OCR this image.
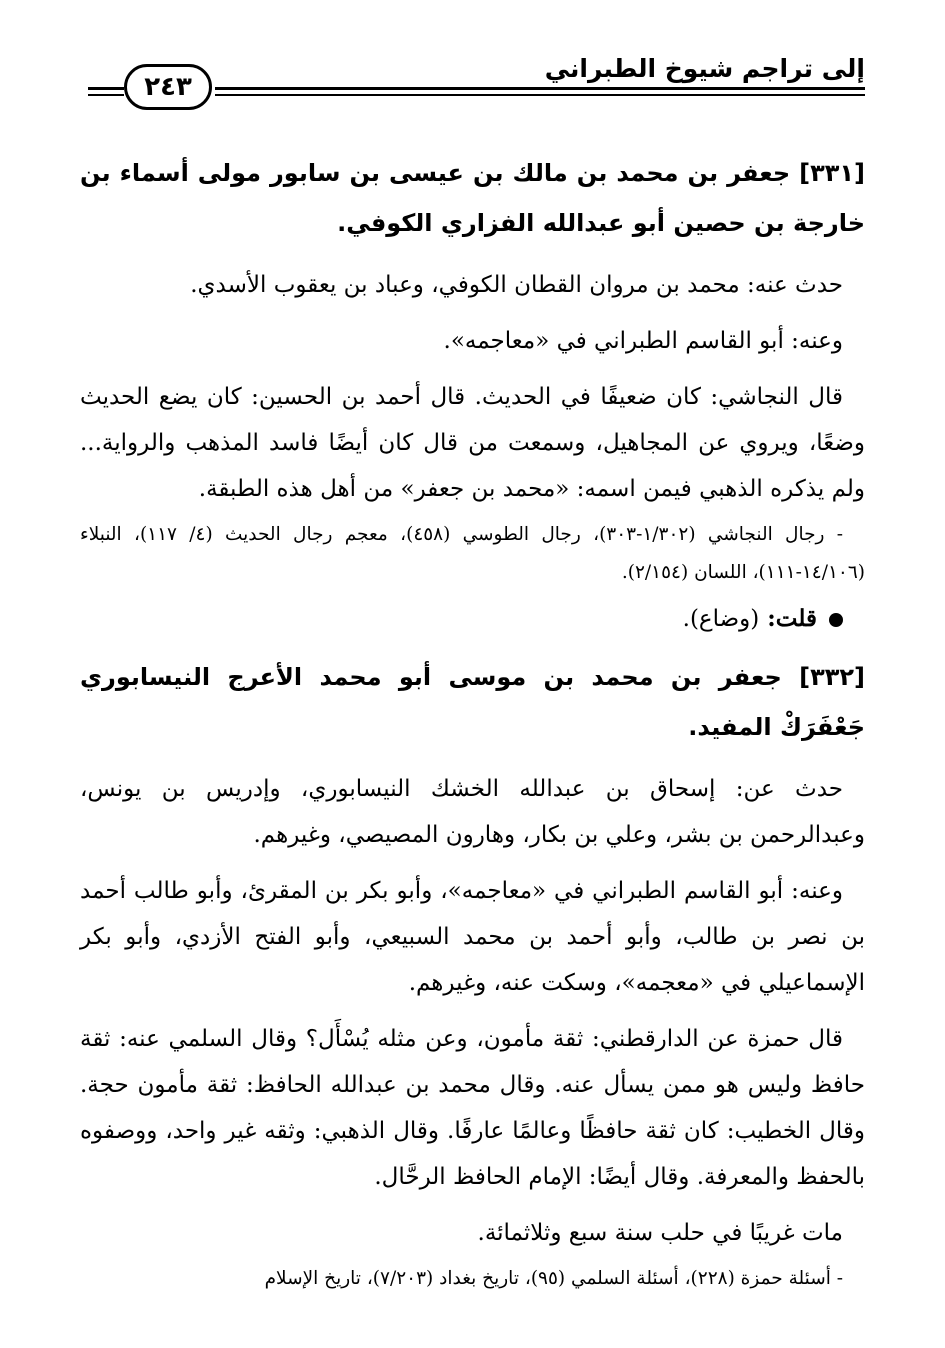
إلى تراجم شيوخ الطبراني
٢٤٣

[٣٣١] جعفر بن محمد بن مالك بن عيسى بن سابور مولى أسماء بن خارجة بن حصين أبو عبدالله الفزاري الكوفي.

حدث عنه: محمد بن مروان القطان الكوفي، وعباد بن يعقوب الأسدي.

وعنه: أبو القاسم الطبراني في «معاجمه».

قال النجاشي: كان ضعيفًا في الحديث. قال أحمد بن الحسين: كان يضع الحديث وضعًا، ويروي عن المجاهيل، وسمعت من قال كان أيضًا فاسد المذهب والرواية... ولم يذكره الذهبي فيمن اسمه: «محمد بن جعفر» من أهل هذه الطبقة.

- رجال النجاشي (١/٣٠٢-٣٠٣)، رجال الطوسي (٤٥٨)، معجم رجال الحديث (٤/ ١١٧)، النبلاء (١٤/١٠٦-١١١)، اللسان (٢/١٥٤).

قلت: (وضاع).

[٣٣٢] جعفر بن محمد بن موسى أبو محمد الأعرج النيسابوري جَعْفَرَكْ المفيد.

حدث عن: إسحاق بن عبدالله الخشك النيسابوري، وإدريس بن يونس، وعبدالرحمن بن بشر، وعلي بن بكار، وهارون المصيصي، وغيرهم.

وعنه: أبو القاسم الطبراني في «معاجمه»، وأبو بكر بن المقرئ، وأبو طالب أحمد بن نصر بن طالب، وأبو أحمد بن محمد السبيعي، وأبو الفتح الأزدي، وأبو بكر الإسماعيلي في «معجمه»، وسكت عنه، وغيرهم.

قال حمزة عن الدارقطني: ثقة مأمون، وعن مثله يُسْأَل؟ وقال السلمي عنه: ثقة حافظ وليس هو ممن يسأل عنه. وقال محمد بن عبدالله الحافظ: ثقة مأمون حجة. وقال الخطيب: كان ثقة حافظًا وعالمًا عارفًا. وقال الذهبي: وثقه غير واحد، ووصفوه بالحفظ والمعرفة. وقال أيضًا: الإمام الحافظ الرحَّال.

مات غريبًا في حلب سنة سبع وثلاثمائة.

- أسئلة حمزة (٢٢٨)، أسئلة السلمي (٩٥)، تاريخ بغداد (٧/٢٠٣)، تاريخ الإسلام
